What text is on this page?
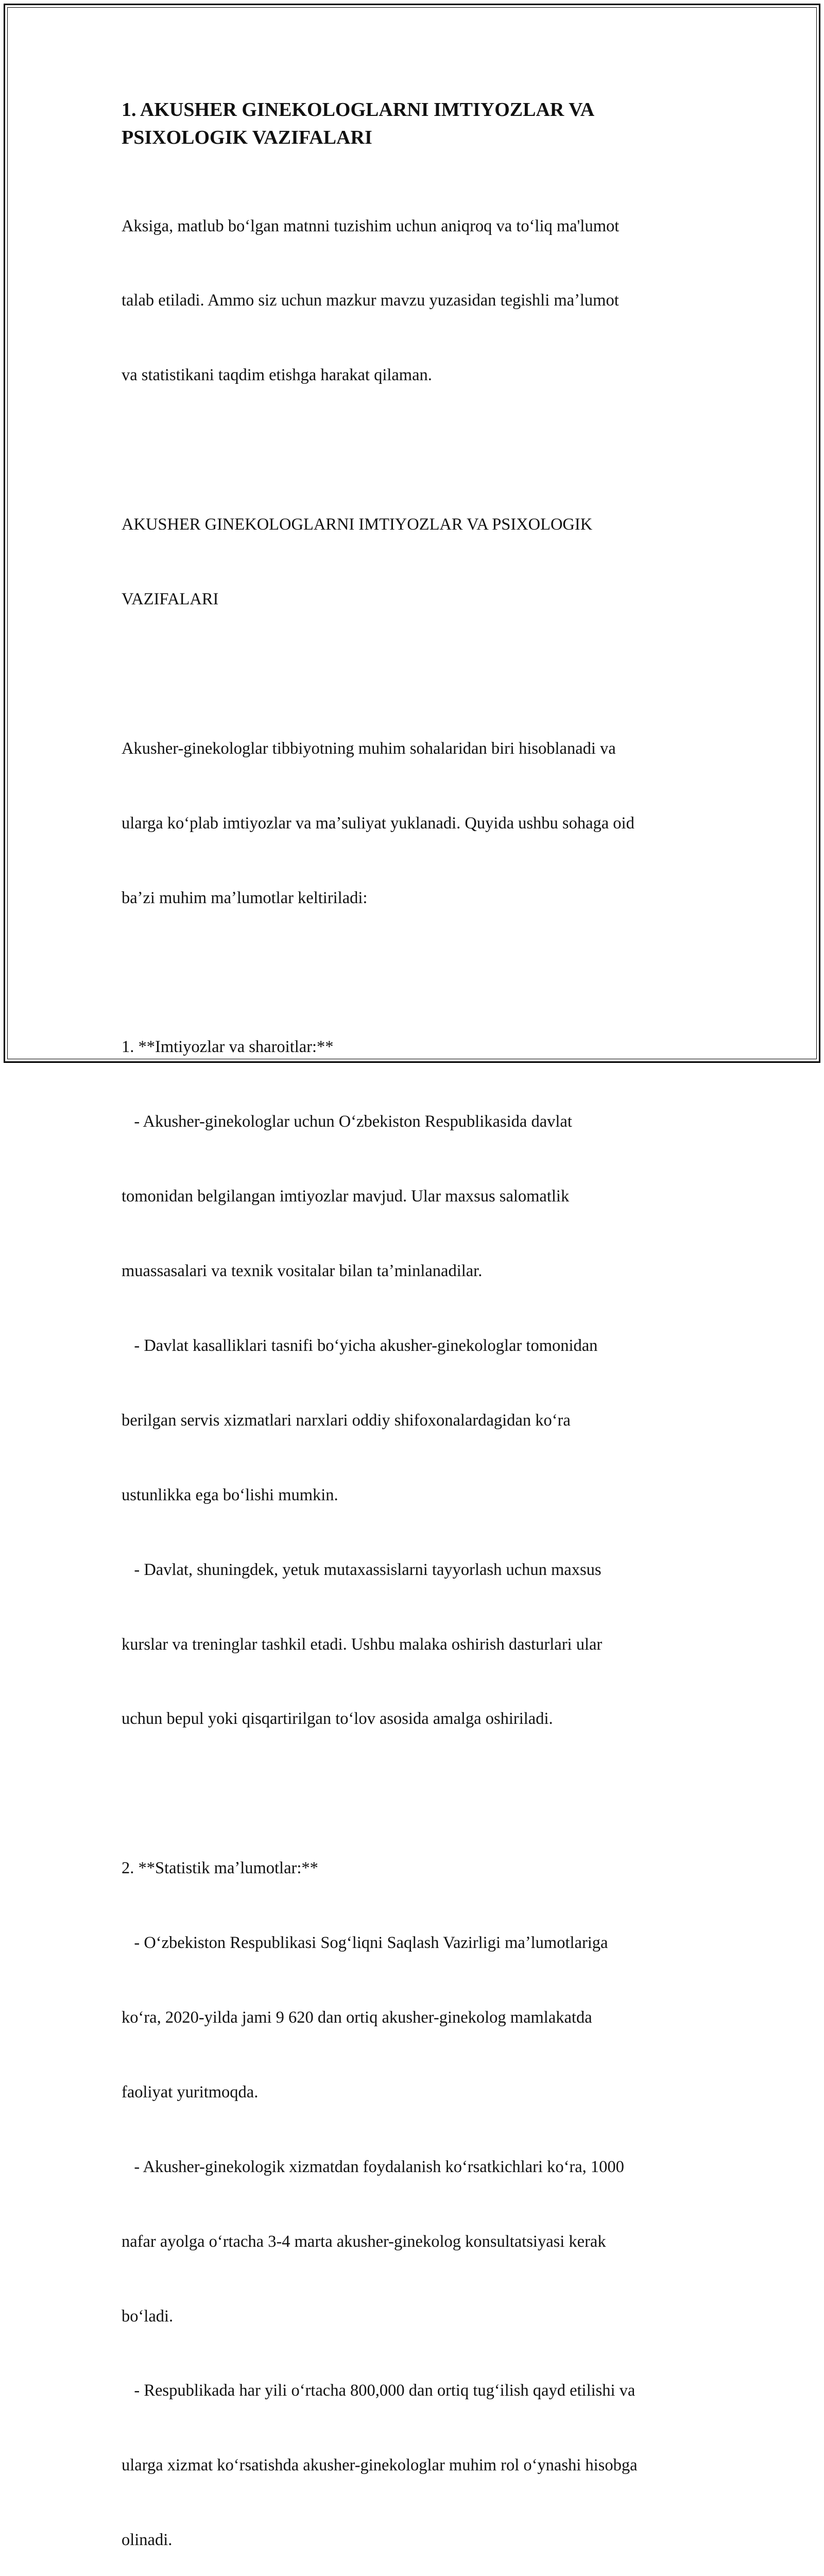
1. AKUSHER GINEKOLOGLARNI IMTIYOZLAR VA
PSIXOLOGIK VAZIFALARI

Aksiga, matlub boʻlgan matnni tuzishim uchun aniqroq va toʻliq ma'lumot

talab etiladi. Ammo siz uchun mazkur mavzu yuzasidan tegishli maʼlumot

va statistikani taqdim etishga harakat qilaman.

AKUSHER GINEKOLOGLARNI IMTIYOZLAR VA PSIXOLOGIK

VAZIFALARI

Akusher-ginekologlar tibbiyotning muhim sohalaridan biri hisoblanadi va

ularga koʻplab imtiyozlar va maʼsuliyat yuklanadi. Quyida ushbu sohaga oid

baʼzi muhim maʼlumotlar keltiriladi:

1. **Imtiyozlar va sharoitlar:**

- Akusher-ginekologlar uchun Oʻzbekiston Respublikasida davlat

tomonidan belgilangan imtiyozlar mavjud. Ular maxsus salomatlik

muassasalari va texnik vositalar bilan taʼminlanadilar.

- Davlat kasalliklari tasnifi boʻyicha akusher-ginekologlar tomonidan

berilgan servis xizmatlari narxlari oddiy shifoxonalardagidan koʻra

ustunlikka ega boʻlishi mumkin.

- Davlat, shuningdek, yetuk mutaxassislarni tayyorlash uchun maxsus

kurslar va treninglar tashkil etadi. Ushbu malaka oshirish dasturlari ular

uchun bepul yoki qisqartirilgan toʻlov asosida amalga oshiriladi.

2. **Statistik maʼlumotlar:**

- Oʻzbekiston Respublikasi Sogʻliqni Saqlash Vazirligi maʼlumotlariga

koʻra, 2020-yilda jami 9 620 dan ortiq akusher-ginekolog mamlakatda

faoliyat yuritmoqda.

- Akusher-ginekologik xizmatdan foydalanish koʻrsatkichlari koʻra, 1000

nafar ayolga oʻrtacha 3-4 marta akusher-ginekolog konsultatsiyasi kerak

boʻladi.

- Respublikada har yili oʻrtacha 800,000 dan ortiq tugʻilish qayd etilishi va

ularga xizmat koʻrsatishda akusher-ginekologlar muhim rol oʻynashi hisobga

olinadi.
